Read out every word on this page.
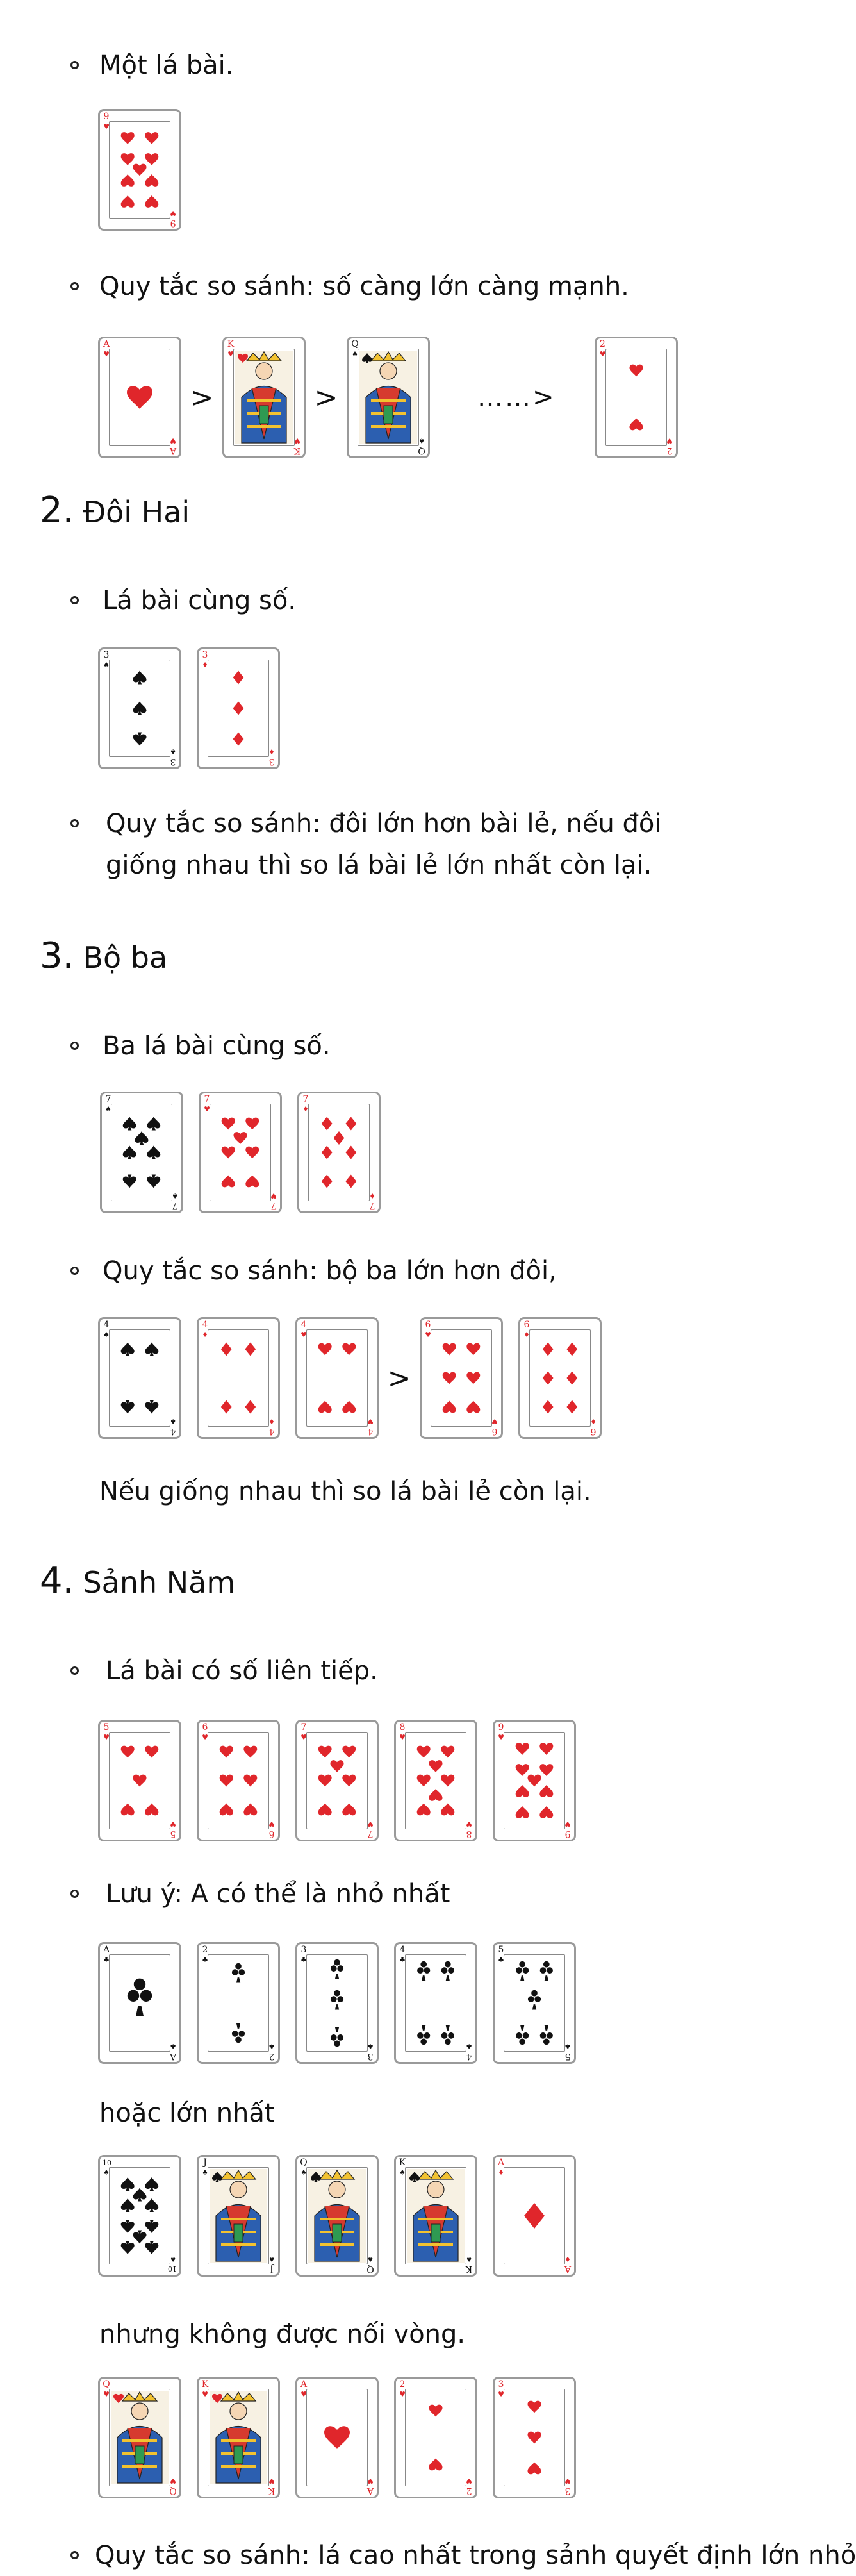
Một lá bài.
9
♥
9
♥
Quy tắc so sánh: số càng lớn càng mạnh.
A
♥
A
♥
>
K
♥
K
♥
>
Q
♠
Q
♠
……>
2
♥
2
♥
2. Đôi Hai
Lá bài cùng số.
3
♠
3
♠
3
♦
3
♦
Quy tắc so sánh: đôi lớn hơn bài lẻ, nếu đôi
giống nhau thì so lá bài lẻ lớn nhất còn lại.
3. Bộ ba
Ba lá bài cùng số.
7
♠
7
♠
7
♥
7
♥
7
♦
7
♦
Quy tắc so sánh: bộ ba lớn hơn đôi,
4
♠
4
♠
4
♦
4
♦
4
♥
4
♥
>
6
♥
6
♥
6
♦
6
♦
Nếu giống nhau thì so lá bài lẻ còn lại.
4. Sảnh Năm
Lá bài có số liên tiếp.
5
♥
5
♥
6
♥
6
♥
7
♥
7
♥
8
♥
8
♥
9
♥
9
♥
Lưu ý: A có thể là nhỏ nhất
A
♣
A
♣
2
♣
2
♣
3
♣
3
♣
4
♣
4
♣
5
♣
5
♣
hoặc lớn nhất
10
♠
10
♠
J
♠
J
♠
Q
♠
Q
♠
K
♠
K
♠
A
♦
A
♦
nhưng không được nối vòng.
Q
♥
Q
♥
K
♥
K
♥
A
♥
A
♥
2
♥
2
♥
3
♥
3
♥
Quy tắc so sánh: lá cao nhất trong sảnh quyết định lớn nhỏ
